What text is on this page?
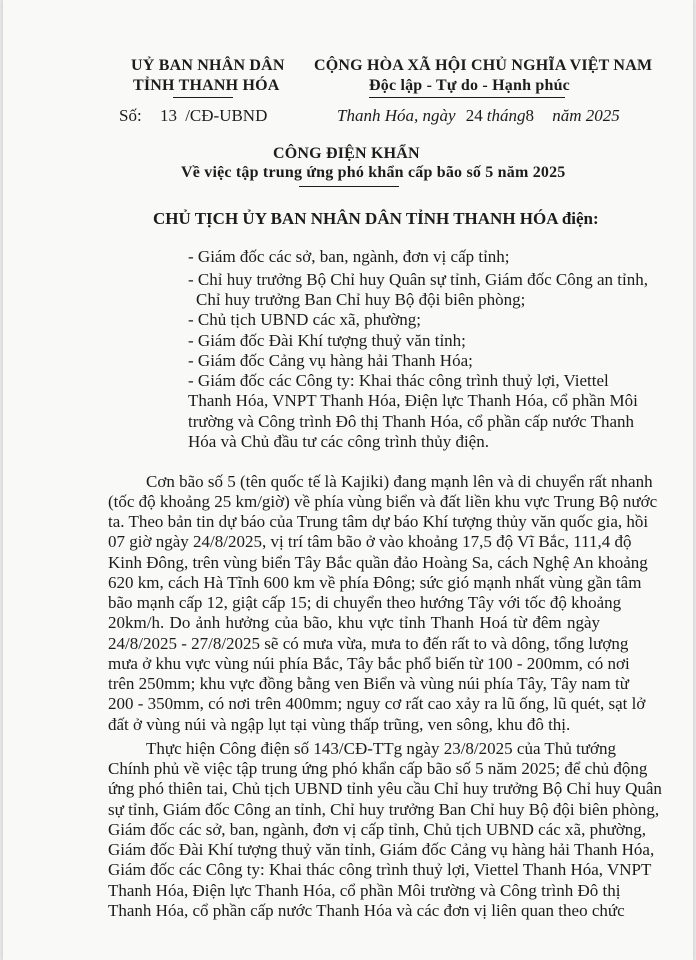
UỶ BAN NHÂN DÂN
TỈNH THANH HÓA
CỘNG HÒA XÃ HỘI CHỦ NGHĨA VIỆT NAM
Độc lập - Tự do - Hạnh phúc
Số: 13 /CĐ-UBND	Thanh Hóa, ngày 24 tháng8 năm 2025
CÔNG ĐIỆN KHẨN
Về việc tập trung ứng phó khẩn cấp bão số 5 năm 2025
CHỦ TỊCH ỦY BAN NHÂN DÂN TỈNH THANH HÓA điện:
- Giám đốc các sở, ban, ngành, đơn vị cấp tỉnh;
- Chỉ huy trưởng Bộ Chỉ huy Quân sự tỉnh, Giám đốc Công an tỉnh,
Chỉ huy trưởng Ban Chỉ huy Bộ đội biên phòng;
- Chủ tịch UBND các xã, phường;
- Giám đốc Đài Khí tượng thuỷ văn tỉnh;
- Giám đốc Cảng vụ hàng hải Thanh Hóa;
- Giám đốc các Công ty: Khai thác công trình thuỷ lợi, Viettel
Thanh Hóa, VNPT Thanh Hóa, Điện lực Thanh Hóa, cổ phần Môi
trường và Công trình Đô thị Thanh Hóa, cổ phần cấp nước Thanh
Hóa và Chủ đầu tư các công trình thủy điện.
Cơn bão số 5 (tên quốc tế là Kajiki) đang mạnh lên và di chuyển rất nhanh
(tốc độ khoảng 25 km/giờ) về phía vùng biển và đất liền khu vực Trung Bộ nước
ta. Theo bản tin dự báo của Trung tâm dự báo Khí tượng thủy văn quốc gia, hồi
07 giờ ngày 24/8/2025, vị trí tâm bão ở vào khoảng 17,5 độ Vĩ Bắc, 111,4 độ
Kinh Đông, trên vùng biển Tây Bắc quần đảo Hoàng Sa, cách Nghệ An khoảng
620 km, cách Hà Tĩnh 600 km về phía Đông; sức gió mạnh nhất vùng gần tâm
bão mạnh cấp 12, giật cấp 15; di chuyển theo hướng Tây với tốc độ khoảng
20km/h. Do ảnh hưởng của bão, khu vực tỉnh Thanh Hoá từ đêm ngày
24/8/2025 - 27/8/2025 sẽ có mưa vừa, mưa to đến rất to và dông, tổng lượng
mưa ở khu vực vùng núi phía Bắc, Tây bắc phổ biến từ 100 - 200mm, có nơi
trên 250mm; khu vực đồng bằng ven Biển và vùng núi phía Tây, Tây nam từ
200 - 350mm, có nơi trên 400mm; nguy cơ rất cao xảy ra lũ ống, lũ quét, sạt lở
đất ở vùng núi và ngập lụt tại vùng thấp trũng, ven sông, khu đô thị.
Thực hiện Công điện số 143/CĐ-TTg ngày 23/8/2025 của Thủ tướng
Chính phủ về việc tập trung ứng phó khẩn cấp bão số 5 năm 2025; để chủ động
ứng phó thiên tai, Chủ tịch UBND tỉnh yêu cầu Chỉ huy trưởng Bộ Chỉ huy Quân
sự tỉnh, Giám đốc Công an tỉnh, Chỉ huy trưởng Ban Chỉ huy Bộ đội biên phòng,
Giám đốc các sở, ban, ngành, đơn vị cấp tỉnh, Chủ tịch UBND các xã, phường,
Giám đốc Đài Khí tượng thuỷ văn tỉnh, Giám đốc Cảng vụ hàng hải Thanh Hóa,
Giám đốc các Công ty: Khai thác công trình thuỷ lợi, Viettel Thanh Hóa, VNPT
Thanh Hóa, Điện lực Thanh Hóa, cổ phần Môi trường và Công trình Đô thị
Thanh Hóa, cổ phần cấp nước Thanh Hóa và các đơn vị liên quan theo chức
